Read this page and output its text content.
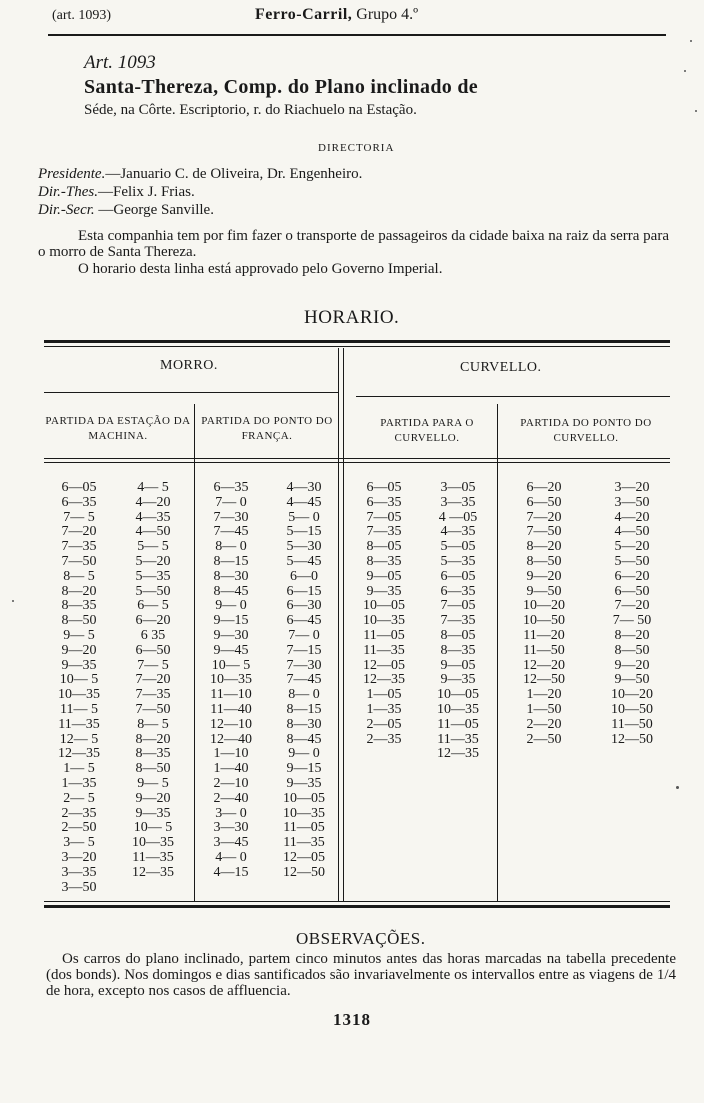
(art. 1093)	Ferro-Carril, Grupo 4.º
Art. 1093
Santa-Thereza, Comp. do Plano inclinado de
Séde, na Côrte. Escriptorio, r. do Riachuelo na Estação.
DIRECTORIA
Presidente.—Januario C. de Oliveira, Dr. Engenheiro.
Dir.-Thes.—Felix J. Frias.
Dir.-Secr. —George Sanville.
Esta companhia tem por fim fazer o transporte de passageiros da cidade baixa na raiz da serra para o morro de Santa Thereza.
O horario desta linha está approvado pelo Governo Imperial.
HORARIO.
MORRO.	CURVELLO.
PARTIDA DA ESTAÇÃO DA MACHINA.
PARTIDA DO PONTO DO FRANÇA.
PARTIDA PARA O CURVELLO.
PARTIDA DO PONTO DO CURVELLO.
6—05
6—35
7— 5
7—20
7—35
7—50
8— 5
8—20
8—35
8—50
9— 5
9—20
9—35
10— 5
10—35
11— 5
11—35
12— 5
12—35
1— 5
1—35
2— 5
2—35
2—50
3— 5
3—20
3—35
3—50
4— 5
4—20
4—35
4—50
5— 5
5—20
5—35
5—50
6— 5
6—20
6 35
6—50
7— 5
7—20
7—35
7—50
8— 5
8—20
8—35
8—50
9— 5
9—20
9—35
10— 5
10—35
11—35
12—35
6—35
7— 0
7—30
7—45
8— 0
8—15
8—30
8—45
9— 0
9—15
9—30
9—45
10— 5
10—35
11—10
11—40
12—10
12—40
1—10
1—40
2—10
2—40
3— 0
3—30
3—45
4— 0
4—15
4—30
4—45
5— 0
5—15
5—30
5—45
6—0
6—15
6—30
6—45
7— 0
7—15
7—30
7—45
8— 0
8—15
8—30
8—45
9— 0
9—15
9—35
10—05
10—35
11—05
11—35
12—05
12—50
6—05
6—35
7—05
7—35
8—05
8—35
9—05
9—35
10—05
10—35
11—05
11—35
12—05
12—35
1—05
1—35
2—05
2—35
3—05
3—35
4 —05
4—35
5—05
5—35
6—05
6—35
7—05
7—35
8—05
8—35
9—05
9—35
10—05
10—35
11—05
11—35
12—35
6—20
6—50
7—20
7—50
8—20
8—50
9—20
9—50
10—20
10—50
11—20
11—50
12—20
12—50
1—20
1—50
2—20
2—50
3—20
3—50
4—20
4—50
5—20
5—50
6—20
6—50
7—20
7— 50
8—20
8—50
9—20
9—50
10—20
10—50
11—50
12—50
OBSERVAÇÕES.
Os carros do plano inclinado, partem cinco minutos antes das horas marcadas na tabella precedente (dos bonds). Nos domingos e dias santificados são invariavelmente os intervallos entre as viagens de 1/4 de hora, excepto nos casos de affluencia.
1318
